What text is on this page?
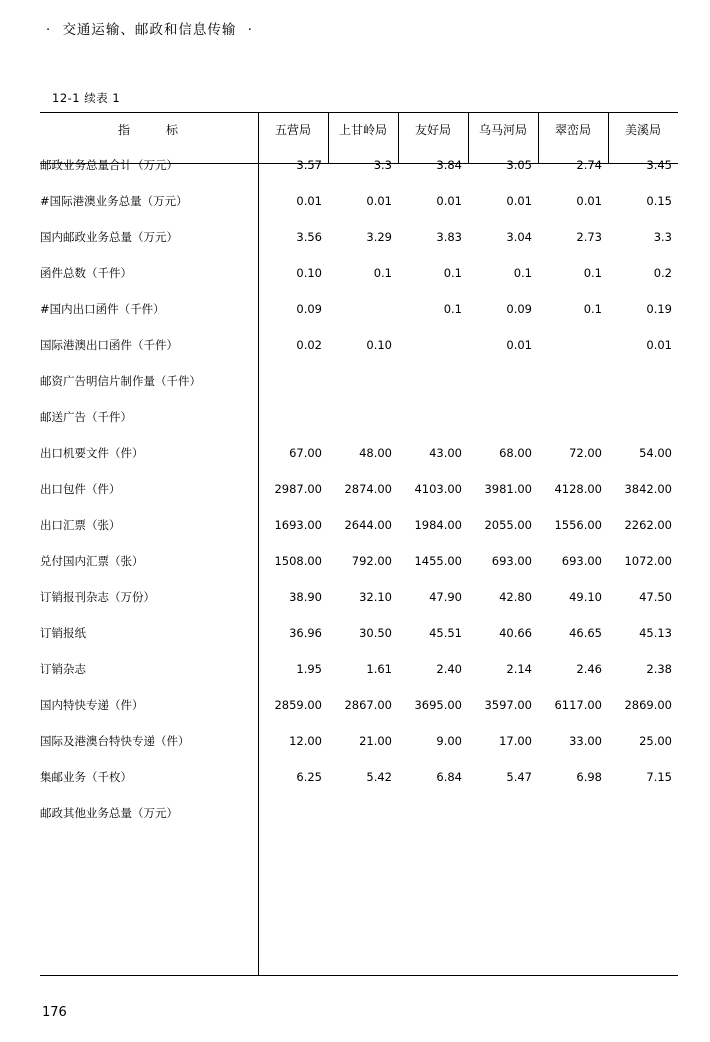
· 交通运输、邮政和信息传输 ·
12-1 续表 1
指　标	五营局	上甘岭局	友好局	乌马河局	翠峦局	美溪局
邮政业务总量合计（万元）	3.57	3.3	3.84	3.05	2.74	3.45
#国际港澳业务总量（万元）	0.01	0.01	0.01	0.01	0.01	0.15
国内邮政业务总量（万元）	3.56	3.29	3.83	3.04	2.73	3.3
函件总数（千件）	0.10	0.1	0.1	0.1	0.1	0.2
#国内出口函件（千件）	0.09		0.1	0.09	0.1	0.19
国际港澳出口函件（千件）	0.02	0.10		0.01		0.01
邮资广告明信片制作量（千件）						
邮送广告（千件）						
出口机要文件（件）	67.00	48.00	43.00	68.00	72.00	54.00
出口包件（件）	2987.00	2874.00	4103.00	3981.00	4128.00	3842.00
出口汇票（张）	1693.00	2644.00	1984.00	2055.00	1556.00	2262.00
兑付国内汇票（张）	1508.00	792.00	1455.00	693.00	693.00	1072.00
订销报刊杂志（万份）	38.90	32.10	47.90	42.80	49.10	47.50
订销报纸	36.96	30.50	45.51	40.66	46.65	45.13
订销杂志	1.95	1.61	2.40	2.14	2.46	2.38
国内特快专递（件）	2859.00	2867.00	3695.00	3597.00	6117.00	2869.00
国际及港澳台特快专递（件）	12.00	21.00	9.00	17.00	33.00	25.00
集邮业务（千枚）	6.25	5.42	6.84	5.47	6.98	7.15
邮政其他业务总量（万元）						
176
